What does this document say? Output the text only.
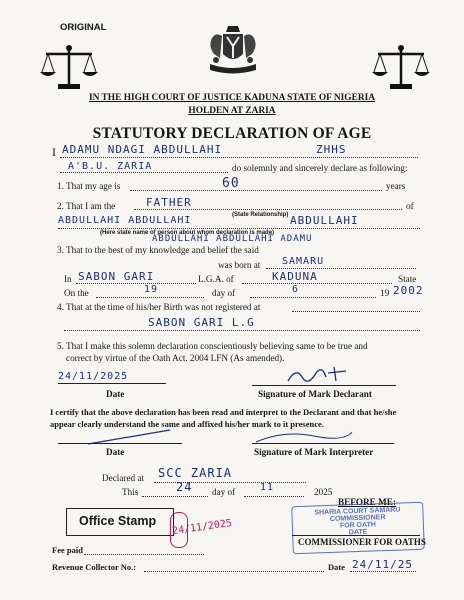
ORIGINAL
IN THE HIGH COURT OF JUSTICE KADUNA STATE OF NIGERIA
HOLDEN AT ZARIA
STATUTORY DECLARATION OF AGE
I ADAMU NDAGI ABDULLAHI	ZHHS
A'B.U. ZARIA	do solemnly and sincerely declare as following:
1. That my age is	60	years
2. That I am the	FATHER	of
(State Relationship)
ABDULLAHI ABDULLAHI	ABDULLAHI
(Here state name of person about whom declaration is made)
ABDULLAHI ABDULLAHI ADAMU
3. That to the best of my knowledge and belief the said
was born at SAMARU
In SABON GARI	L.G.A. of	KADUNA	State
On the	19	day of	6	19 2002
4. That at the time of his/her Birth was not registered at
SABON GARI L.G
5. That I make this solemn declaration conscientiously believing same to be true and
correct by virtue of the Oath Act. 2004 LFN (As amended).
24/11/2025
Date	Signature of Mark Declarant
I certify that the above declaration has been read and interpret to the Declarant and that he/she
appear clearly understand the same and affixed his/her mark to it presence.
Date	Signature of Mark Interpreter
Declared at SCC ZARIA
This	24 day of 11	2025
BEFORE ME:
Office Stamp 24/11/2025
SHARIA COURT SAMARU
COMMISSIONER
FOR OATH
DATE
COMMISSIONER FOR OATHS
Fee paid
Revenue Collector No.:	Date 24/11/25
